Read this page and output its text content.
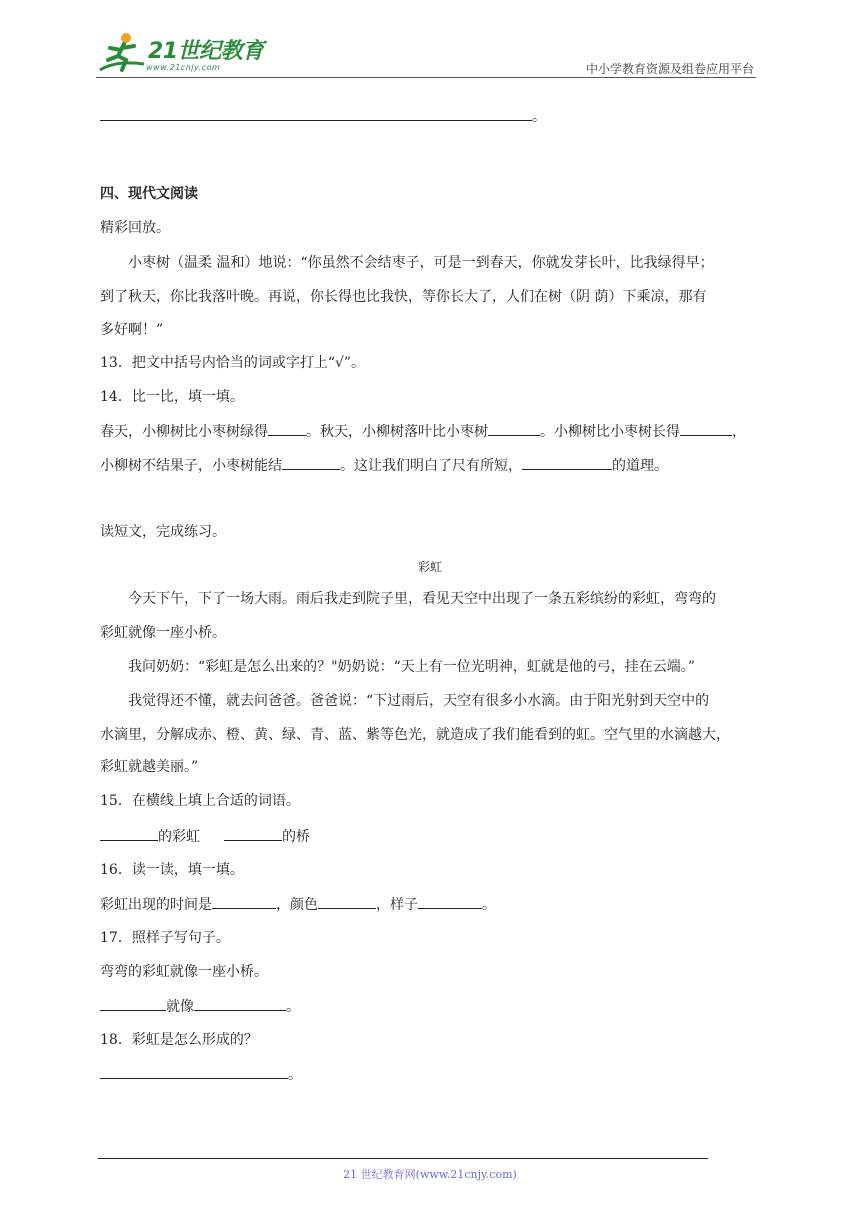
21世纪教育
www.21cnjy.com	中小学教育资源及组卷应用平台
。
四、现代文阅读
精彩回放。
小枣树（温柔 温和）地说：“你虽然不会结枣子，可是一到春天，你就发芽长叶，比我绿得早；
到了秋天，你比我落叶晚。再说，你长得也比我快，等你长大了，人们在树（阴 荫）下乘凉，那有
多好啊！”
13．把文中括号内恰当的词或字打上“√”。
14．比一比，填一填。
春天，小柳树比小枣树绿得	。秋天，小柳树落叶比小枣树	。小柳树比小枣树长得	，
小柳树不结果子，小枣树能结	。这让我们明白了尺有所短，	的道理。
读短文，完成练习。
彩虹
今天下午，下了一场大雨。雨后我走到院子里，看见天空中出现了一条五彩缤纷的彩虹，弯弯的
彩虹就像一座小桥。
我问奶奶：“彩虹是怎么出来的？"奶奶说：“天上有一位光明神，虹就是他的弓，挂在云端。”
我觉得还不懂，就去问爸爸。爸爸说：“下过雨后，天空有很多小水滴。由于阳光射到天空中的
水滴里，分解成赤、橙、黄、绿、青、蓝、紫等色光，就造成了我们能看到的虹。空气里的水滴越大，
彩虹就越美丽。”
15．在横线上填上合适的词语。
的彩虹	的桥
16．读一读，填一填。
彩虹出现的时间是	，颜色	，样子	。
17．照样子写句子。
弯弯的彩虹就像一座小桥。
就像	。
18．彩虹是怎么形成的？
。
21 世纪教育网(www.21cnjy.com)
